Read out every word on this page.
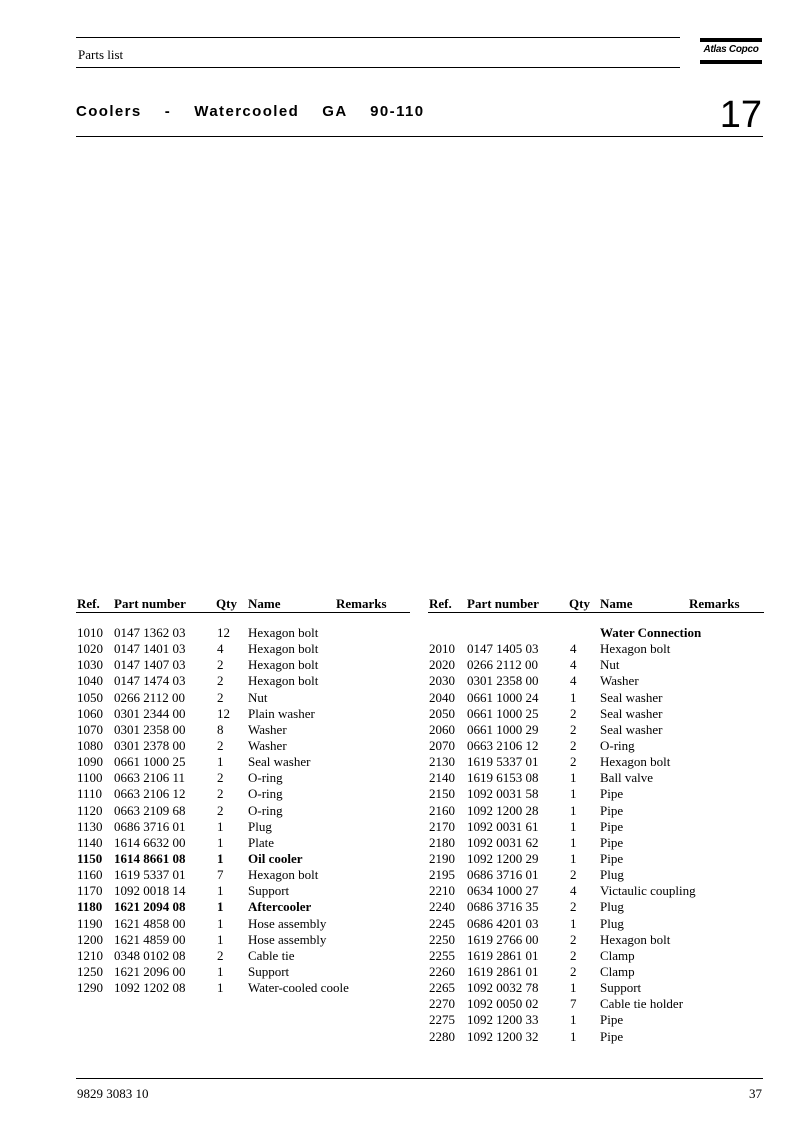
Parts list	Atlas Copco
Coolers  -  Watercooled  GA  90-110	17
Ref. Part number Qty Name	Remarks	Ref. Part number Qty Name	Remarks
1010 0147 1362 03 12 Hexagon bolt
1020 0147 1401 03 4 Hexagon bolt
1030 0147 1407 03 2 Hexagon bolt
1040 0147 1474 03 2 Hexagon bolt
1050 0266 2112 00 2 Nut
1060 0301 2344 00 12 Plain washer
1070 0301 2358 00 8 Washer
1080 0301 2378 00 2 Washer
1090 0661 1000 25 1 Seal washer
1100 0663 2106 11 2 O-ring
1110 0663 2106 12 2 O-ring
1120 0663 2109 68 2 O-ring
1130 0686 3716 01 1 Plug
1140 1614 6632 00 1 Plate
1150 1614 8661 08 1 Oil cooler
1160 1619 5337 01 7 Hexagon bolt
1170 1092 0018 14 1 Support
1180 1621 2094 08 1 Aftercooler
1190 1621 4858 00 1 Hose assembly
1200 1621 4859 00 1 Hose assembly
1210 0348 0102 08 2 Cable tie
1250 1621 2096 00 1 Support
1290 1092 1202 08 1 Water-cooled coole
Water Connection
2010 0147 1405 03 4 Hexagon bolt
2020 0266 2112 00 4 Nut
2030 0301 2358 00 4 Washer
2040 0661 1000 24 1 Seal washer
2050 0661 1000 25 2 Seal washer
2060 0661 1000 29 2 Seal washer
2070 0663 2106 12 2 O-ring
2130 1619 5337 01 2 Hexagon bolt
2140 1619 6153 08 1 Ball valve
2150 1092 0031 58 1 Pipe
2160 1092 1200 28 1 Pipe
2170 1092 0031 61 1 Pipe
2180 1092 0031 62 1 Pipe
2190 1092 1200 29 1 Pipe
2195 0686 3716 01 2 Plug
2210 0634 1000 27 4 Victaulic coupling
2240 0686 3716 35 2 Plug
2245 0686 4201 03 1 Plug
2250 1619 2766 00 2 Hexagon bolt
2255 1619 2861 01 2 Clamp
2260 1619 2861 01 2 Clamp
2265 1092 0032 78 1 Support
2270 1092 0050 02 7 Cable tie holder
2275 1092 1200 33 1 Pipe
2280 1092 1200 32 1 Pipe
9829 3083 10	37
